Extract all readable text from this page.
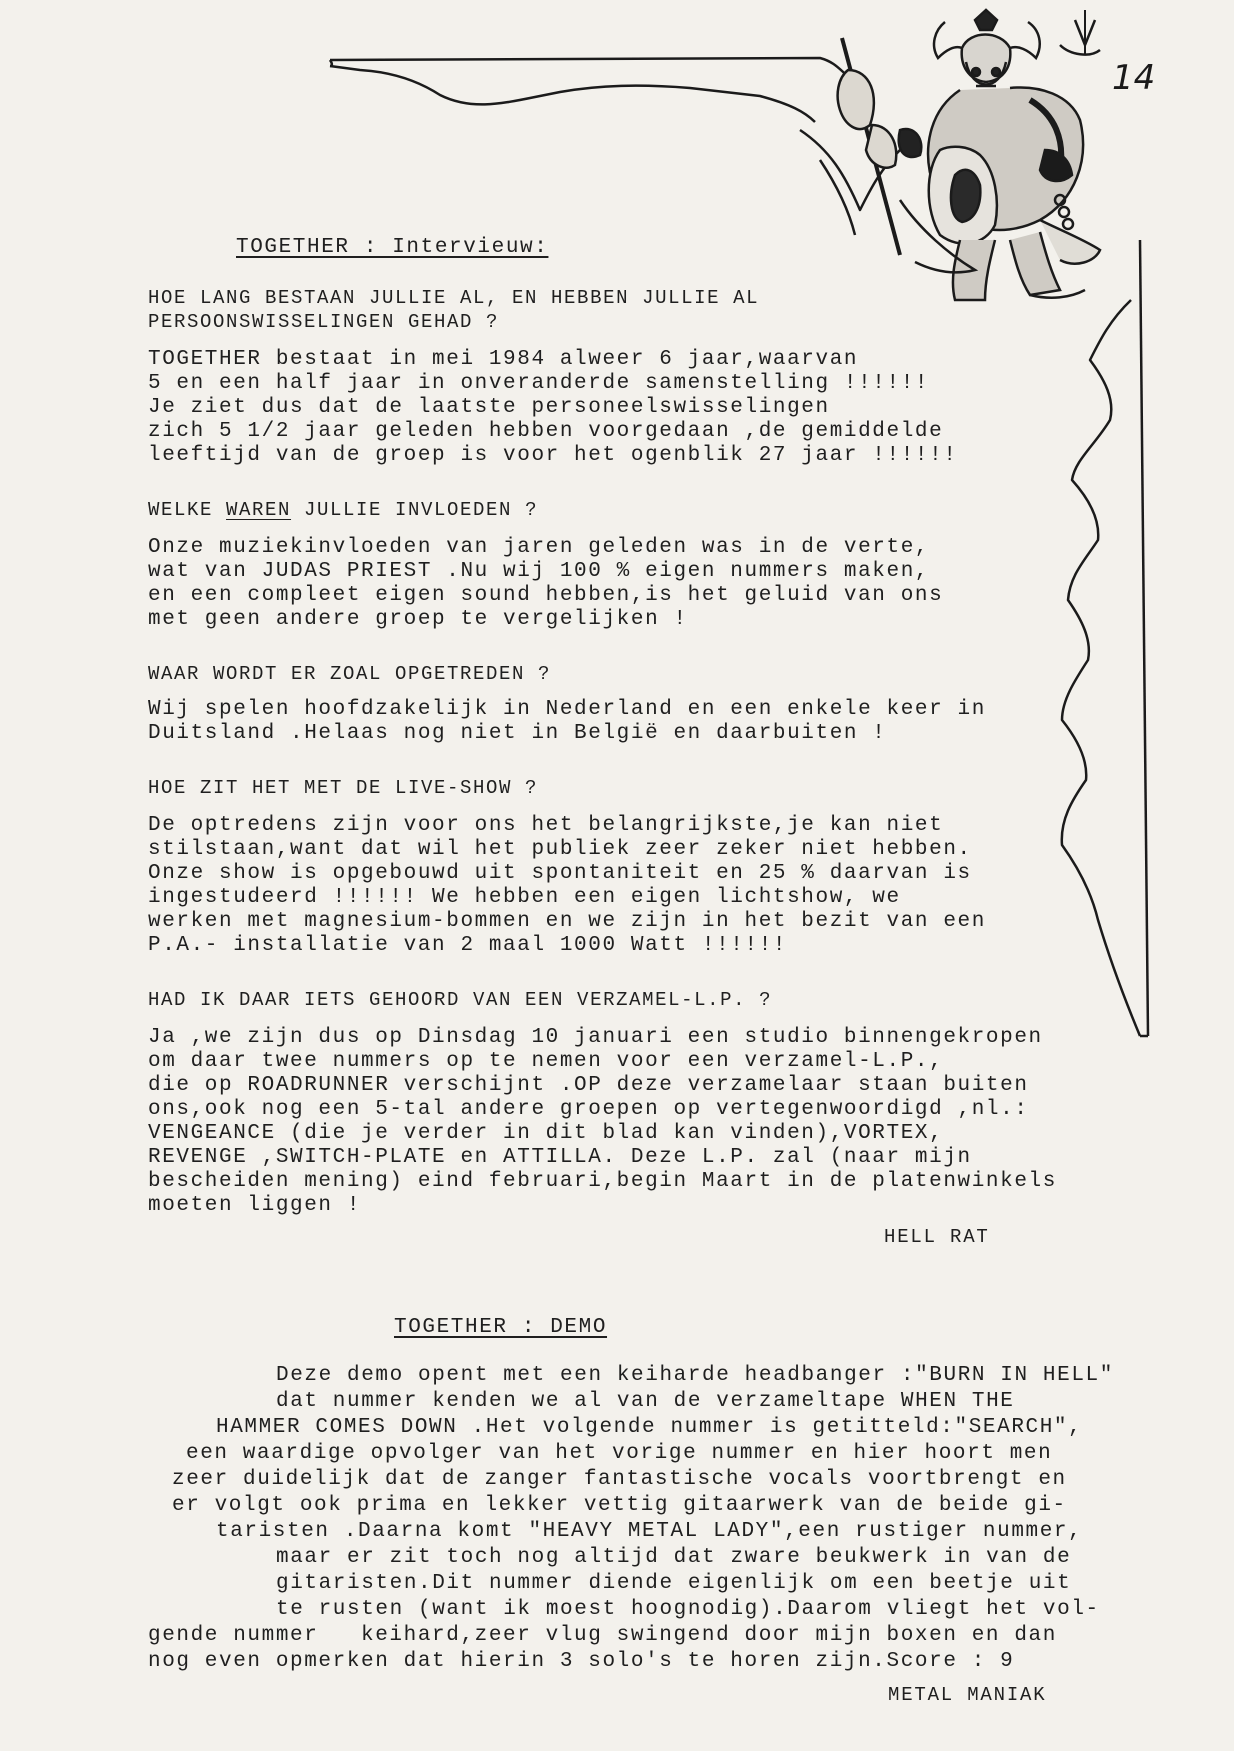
14
TOGETHER : Intervieuw:
HOE LANG BESTAAN JULLIE AL, EN HEBBEN JULLIE AL
PERSOONSWISSELINGEN GEHAD ?
TOGETHER bestaat in mei 1984 alweer 6 jaar,waarvan
5 en een half jaar in onveranderde samenstelling !!!!!!
Je ziet dus dat de laatste personeelswisselingen
zich 5 1/2 jaar geleden hebben voorgedaan ,de gemiddelde
leeftijd van de groep is voor het ogenblik 27 jaar !!!!!!
WELKE WAREN JULLIE INVLOEDEN ?
Onze muziekinvloeden van jaren geleden was in de verte,
wat van JUDAS PRIEST .Nu wij 100 % eigen nummers maken,
en een compleet eigen sound hebben,is het geluid van ons
met geen andere groep te vergelijken !
WAAR WORDT ER ZOAL OPGETREDEN ?
Wij spelen hoofdzakelijk in Nederland en een enkele keer in
Duitsland .Helaas nog niet in België en daarbuiten !
HOE ZIT HET MET DE LIVE-SHOW ?
De optredens zijn voor ons het belangrijkste,je kan niet
stilstaan,want dat wil het publiek zeer zeker niet hebben.
Onze show is opgebouwd uit spontaniteit en 25 % daarvan is
ingestudeerd !!!!!! We hebben een eigen lichtshow, we
werken met magnesium-bommen en we zijn in het bezit van een
P.A.- installatie van 2 maal 1000 Watt !!!!!!
HAD IK DAAR IETS GEHOORD VAN EEN VERZAMEL-L.P. ?
Ja ,we zijn dus op Dinsdag 10 januari een studio binnengekropen
om daar twee nummers op te nemen voor een verzamel-L.P.,
die op ROADRUNNER verschijnt .OP deze verzamelaar staan buiten
ons,ook nog een 5-tal andere groepen op vertegenwoordigd ,nl.:
VENGEANCE (die je verder in dit blad kan vinden),VORTEX,
REVENGE ,SWITCH-PLATE en ATTILLA. Deze L.P. zal (naar mijn
bescheiden mening) eind februari,begin Maart in de platenwinkels
moeten liggen !
HELL RAT
TOGETHER : DEMO
Deze demo opent met een keiharde headbanger :"BURN IN HELL"
dat nummer kenden we al van de verzameltape WHEN THE
HAMMER COMES DOWN .Het volgende nummer is getitteld:"SEARCH",
een waardige opvolger van het vorige nummer en hier hoort men
zeer duidelijk dat de zanger fantastische vocals voortbrengt en
er volgt ook prima en lekker vettig gitaarwerk van de beide gi-
taristen .Daarna komt "HEAVY METAL LADY",een rustiger nummer,
maar er zit toch nog altijd dat zware beukwerk in van de
gitaristen.Dit nummer diende eigenlijk om een beetje uit
te rusten (want ik moest hoognodig).Daarom vliegt het vol-
gende nummer   keihard,zeer vlug swingend door mijn boxen en dan
nog even opmerken dat hierin 3 solo's te horen zijn.Score : 9
METAL MANIAK
